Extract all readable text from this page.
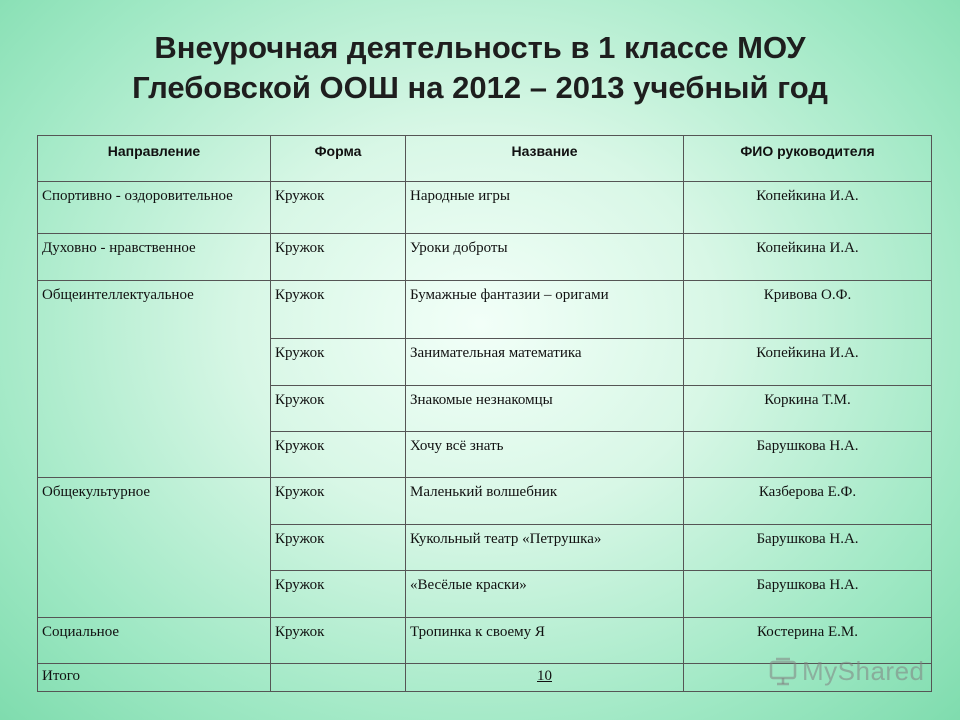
Внеурочная деятельность в 1 классе МОУ
Глебовской ООШ на 2012 – 2013 учебный год
Направление	Форма	Название	ФИО руководителя
Спортивно - оздоровительное	Кружок	Народные игры	Копейкина И.А.
Духовно - нравственное	Кружок	Уроки доброты	Копейкина И.А.
Общеинтеллектуальное	Кружок	Бумажные фантазии – оригами	Кривова О.Ф.
	Кружок	Занимательная математика	Копейкина И.А.
	Кружок	Знакомые незнакомцы	Коркина Т.М.
	Кружок	Хочу всё знать	Барушкова Н.А.
Общекультурное	Кружок	Маленький волшебник	Казберова Е.Ф.
	Кружок	Кукольный театр «Петрушка»	Барушкова Н.А.
	Кружок	«Весёлые краски»	Барушкова Н.А.
Социальное	Кружок	Тропинка к своему Я	Костерина Е.М.
Итого		10		MyShared
